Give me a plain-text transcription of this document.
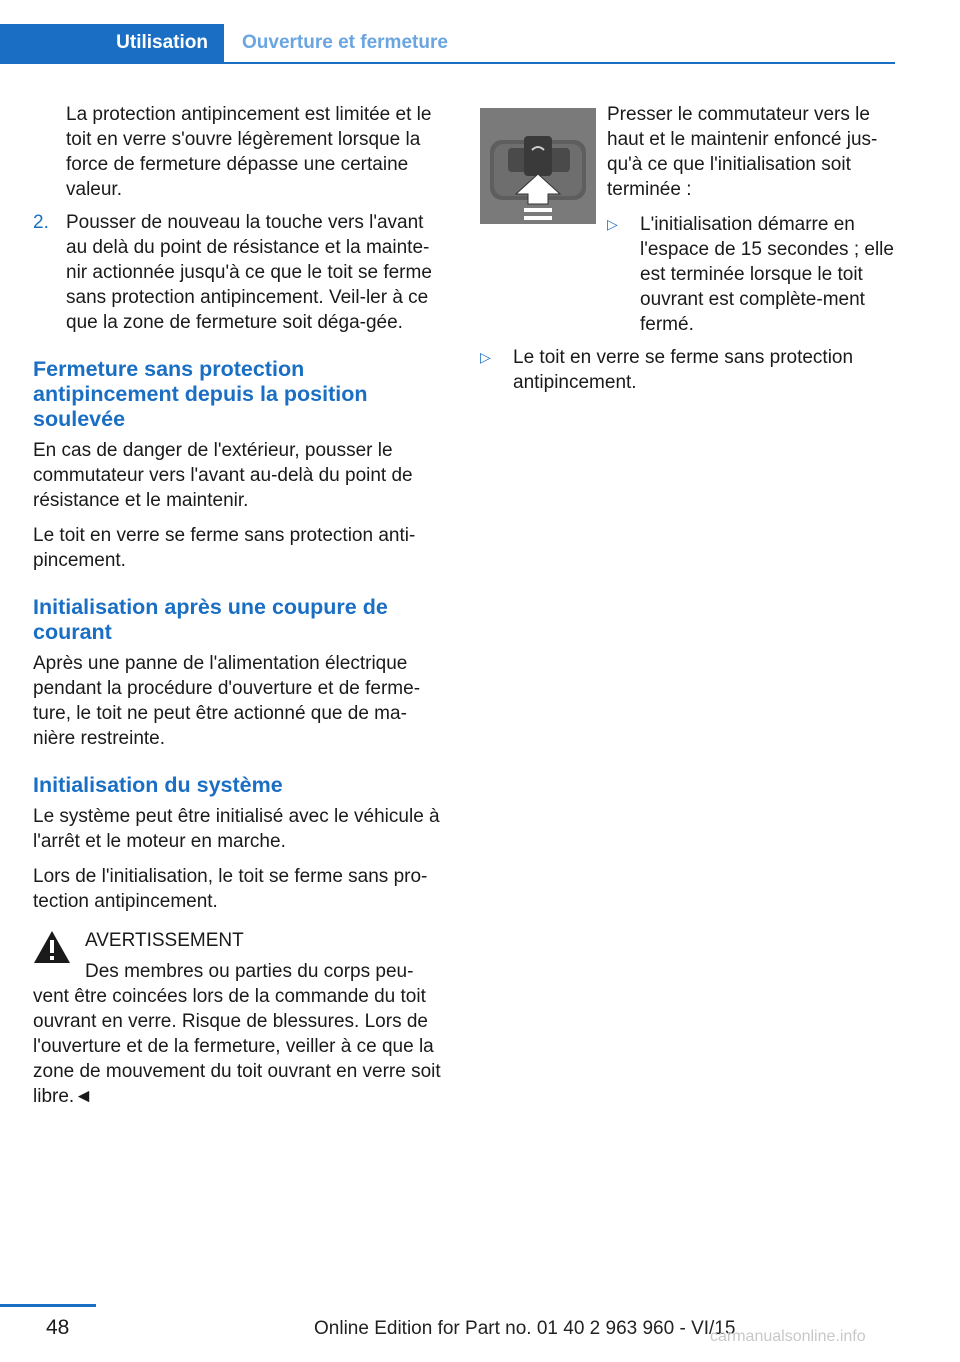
Utilisation	Ouverture et fermeture

La protection antipincement est limitée et le toit en verre s'ouvre légèrement lorsque la force de fermeture dépasse une certaine valeur.

2. Pousser de nouveau la touche vers l'avant au delà du point de résistance et la mainte-nir actionnée jusqu'à ce que le toit se ferme sans protection antipincement. Veil-ler à ce que la zone de fermeture soit déga-gée.
Fermeture sans protection antipincement depuis la position soulevée

En cas de danger de l'extérieur, pousser le commutateur vers l'avant au-delà du point de résistance et le maintenir.

Le toit en verre se ferme sans protection anti-pincement.

Initialisation après une coupure de courant

Après une panne de l'alimentation électrique pendant la procédure d'ouverture et de ferme-ture, le toit ne peut être actionné que de ma-nière restreinte.

Initialisation du système

Le système peut être initialisé avec le véhicule à l'arrêt et le moteur en marche.

Lors de l'initialisation, le toit se ferme sans pro-tection antipincement.

AVERTISSEMENT

Des membres ou parties du corps peu-

vent être coincées lors de la commande du toit ouvrant en verre. Risque de blessures. Lors de l'ouverture et de la fermeture, veiller à ce que la zone de mouvement du toit ouvrant en verre soit libre.◄

Presser le commutateur vers le haut et le maintenir enfoncé jus-qu'à ce que l'initialisation soit terminée :

▷ L'initialisation démarre en l'espace de 15 secondes ; elle est terminée lorsque le toit ouvrant est complète-ment fermé.
▷ Le toit en verre se ferme sans protection antipincement.
48	Online Edition for Part no. 01 40 2 963 960 - VI/15
carmanualsonline.info
